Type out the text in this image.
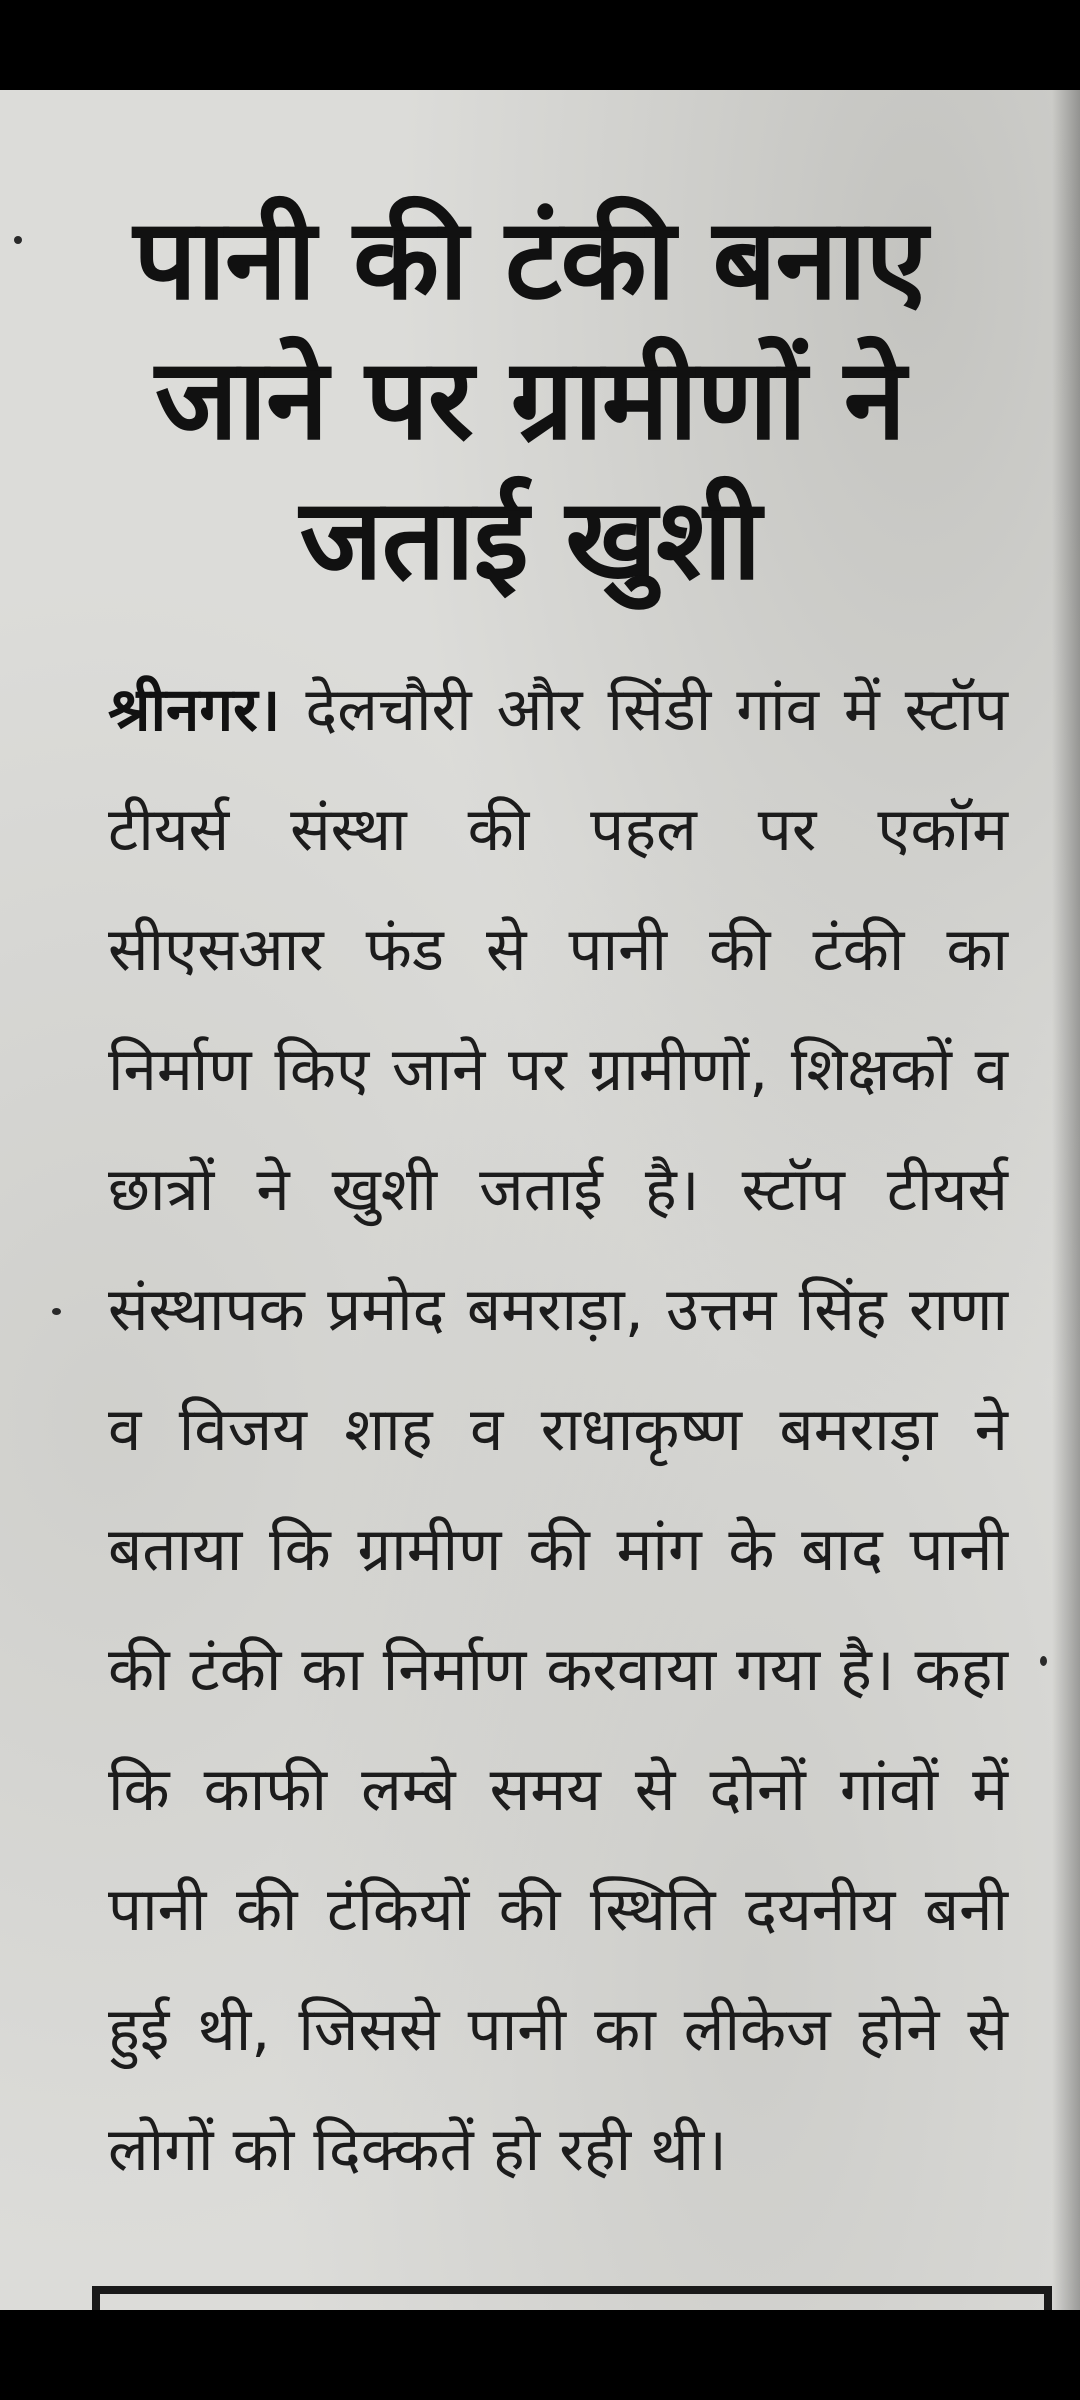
पानी की टंकी बनाए जाने पर ग्रामीणों ने जताई खुशी

श्रीनगर। देलचौरी और सिंडी गांव में स्टॉप टीयर्स संस्था की पहल पर एकॉम सीएसआर फंड से पानी की टंकी का निर्माण किए जाने पर ग्रामीणों, शिक्षकों व छात्रों ने खुशी जताई है। स्टॉप टीयर्स संस्थापक प्रमोद बमराड़ा, उत्तम सिंह राणा व विजय शाह व राधाकृष्ण बमराड़ा ने बताया कि ग्रामीण की मांग के बाद पानी की टंकी का निर्माण करवाया गया है। कहा कि काफी लम्बे समय से दोनों गांवों में पानी की टंकियों की स्थिति दयनीय बनी हुई थी, जिससे पानी का लीकेज होने से लोगों को दिक्कतें हो रही थी।
